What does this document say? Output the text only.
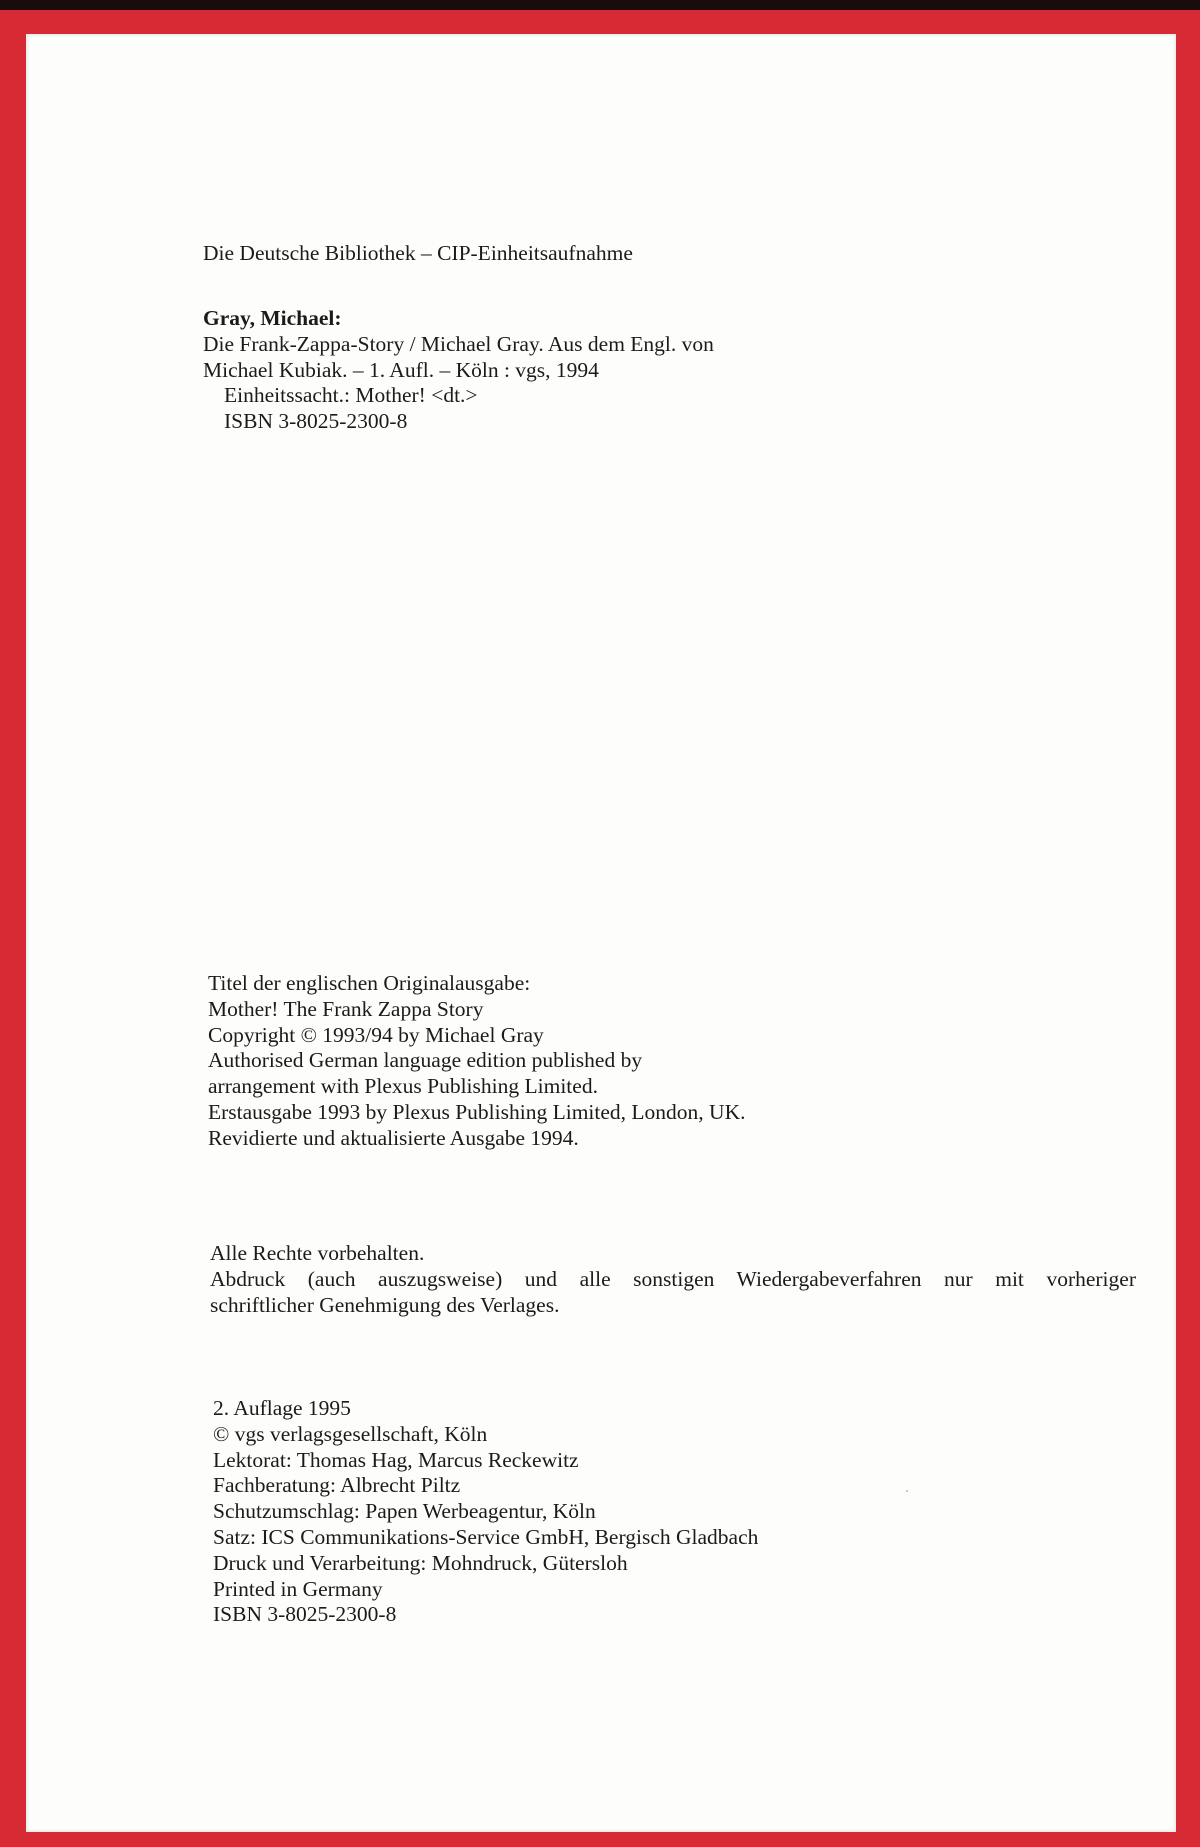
Die Deutsche Bibliothek – CIP-Einheitsaufnahme

Gray, Michael:
Die Frank-Zappa-Story / Michael Gray. Aus dem Engl. von
Michael Kubiak. – 1. Aufl. – Köln : vgs, 1994
Einheitssacht.: Mother! <dt.>
ISBN 3-8025-2300-8
Titel der englischen Originalausgabe:
Mother! The Frank Zappa Story
Copyright © 1993/94 by Michael Gray
Authorised German language edition published by
arrangement with Plexus Publishing Limited.
Erstausgabe 1993 by Plexus Publishing Limited, London, UK.
Revidierte und aktualisierte Ausgabe 1994.
Alle Rechte vorbehalten.
Abdruck (auch auszugsweise) und alle sonstigen Wiedergabeverfahren nur mit vorheriger
schriftlicher Genehmigung des Verlages.
2. Auflage 1995
© vgs verlagsgesellschaft, Köln
Lektorat: Thomas Hag, Marcus Reckewitz
Fachberatung: Albrecht Piltz
Schutzumschlag: Papen Werbeagentur, Köln
Satz: ICS Communikations-Service GmbH, Bergisch Gladbach
Druck und Verarbeitung: Mohndruck, Gütersloh
Printed in Germany
ISBN 3-8025-2300-8
